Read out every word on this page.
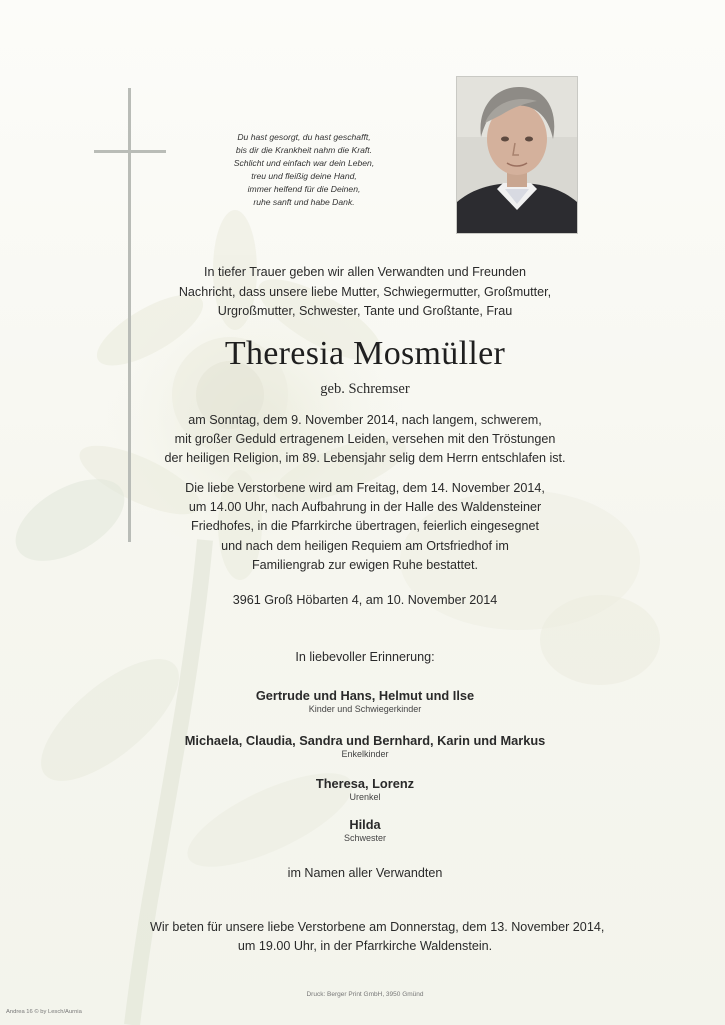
Du hast gesorgt, du hast geschafft,
bis dir die Krankheit nahm die Kraft.
Schlicht und einfach war dein Leben,
treu und fleißig deine Hand,
immer helfend für die Deinen,
ruhe sanft und habe Dank.
In tiefer Trauer geben wir allen Verwandten und Freunden
Nachricht, dass unsere liebe Mutter, Schwiegermutter, Großmutter,
Urgroßmutter, Schwester, Tante und Großtante, Frau
Theresia Mosmüller
geb. Schremser
am Sonntag, dem 9. November 2014, nach langem, schwerem,
mit großer Geduld ertragenem Leiden, versehen mit den Tröstungen
der heiligen Religion, im 89. Lebensjahr selig dem Herrn entschlafen ist.
Die liebe Verstorbene wird am Freitag, dem 14. November 2014,
um 14.00 Uhr, nach Aufbahrung in der Halle des Waldensteiner
Friedhofes, in die Pfarrkirche übertragen, feierlich eingesegnet
und nach dem heiligen Requiem am Ortsfriedhof im
Familiengrab zur ewigen Ruhe bestattet.
3961 Groß Höbarten 4, am 10. November 2014
In liebevoller Erinnerung:
Gertrude und Hans, Helmut und Ilse
Kinder und Schwiegerkinder
Michaela, Claudia, Sandra und Bernhard, Karin und Markus
Enkelkinder
Theresa, Lorenz
Urenkel
Hilda
Schwester
im Namen aller Verwandten
Wir beten für unsere liebe Verstorbene am Donnerstag, dem 13. November 2014,
um 19.00 Uhr, in der Pfarrkirche Waldenstein.
Druck: Berger Print GmbH, 3950 Gmünd
Andrea 16 © by Lesch/Aurnia
